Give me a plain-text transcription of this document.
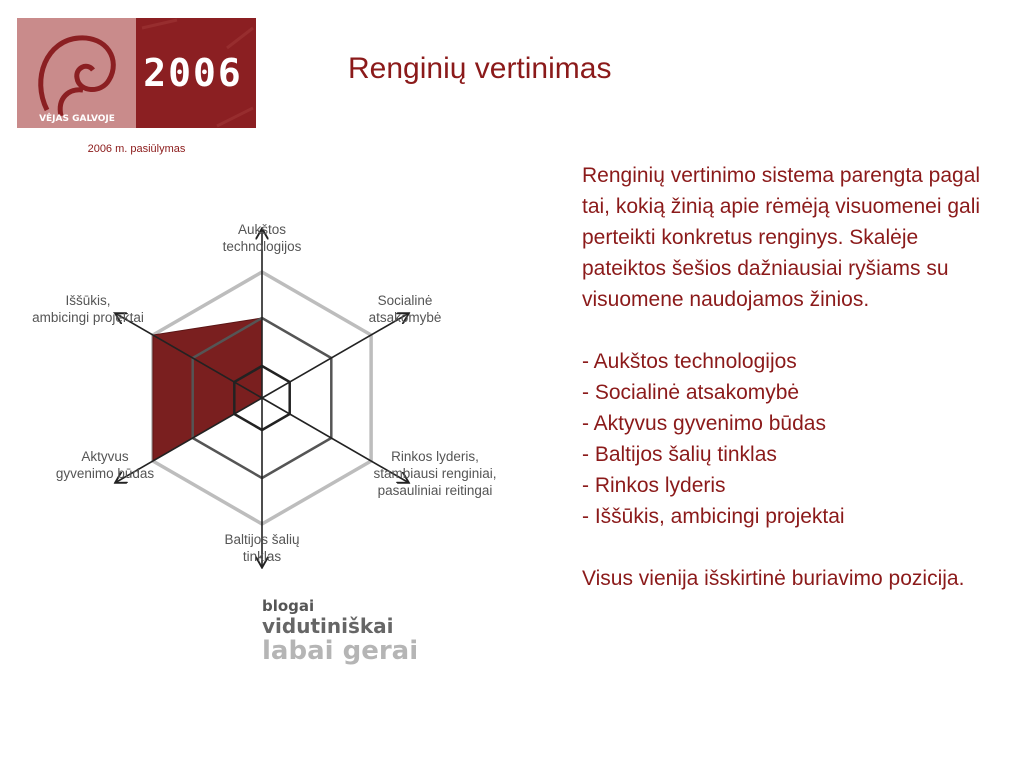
2006
VĖJAS GALVOJE
2006 m. pasiūlymas
Renginių vertinimas
Aukštos technologijos
Socialinė atsakomybė
Rinkos lyderis, stambiausi renginiai, pasauliniai reitingai
Baltijos šalių tinklas
Aktyvus gyvenimo būdas
Iššūkis, ambicingi projektai
blogai
vidutiniškai
labai gerai

Renginių vertinimo sistema parengta pagal tai, kokią žinią apie rėmėją visuomenei gali perteikti konkretus renginys. Skalėje pateiktos šešios dažniausiai ryšiams su visuomene naudojamos žinios.

- Aukštos technologijos
- Socialinė atsakomybė
- Aktyvus gyvenimo būdas
- Baltijos šalių tinklas
- Rinkos lyderis
- Iššūkis, ambicingi projektai

Visus vienija išskirtinė buriavimo pozicija.
